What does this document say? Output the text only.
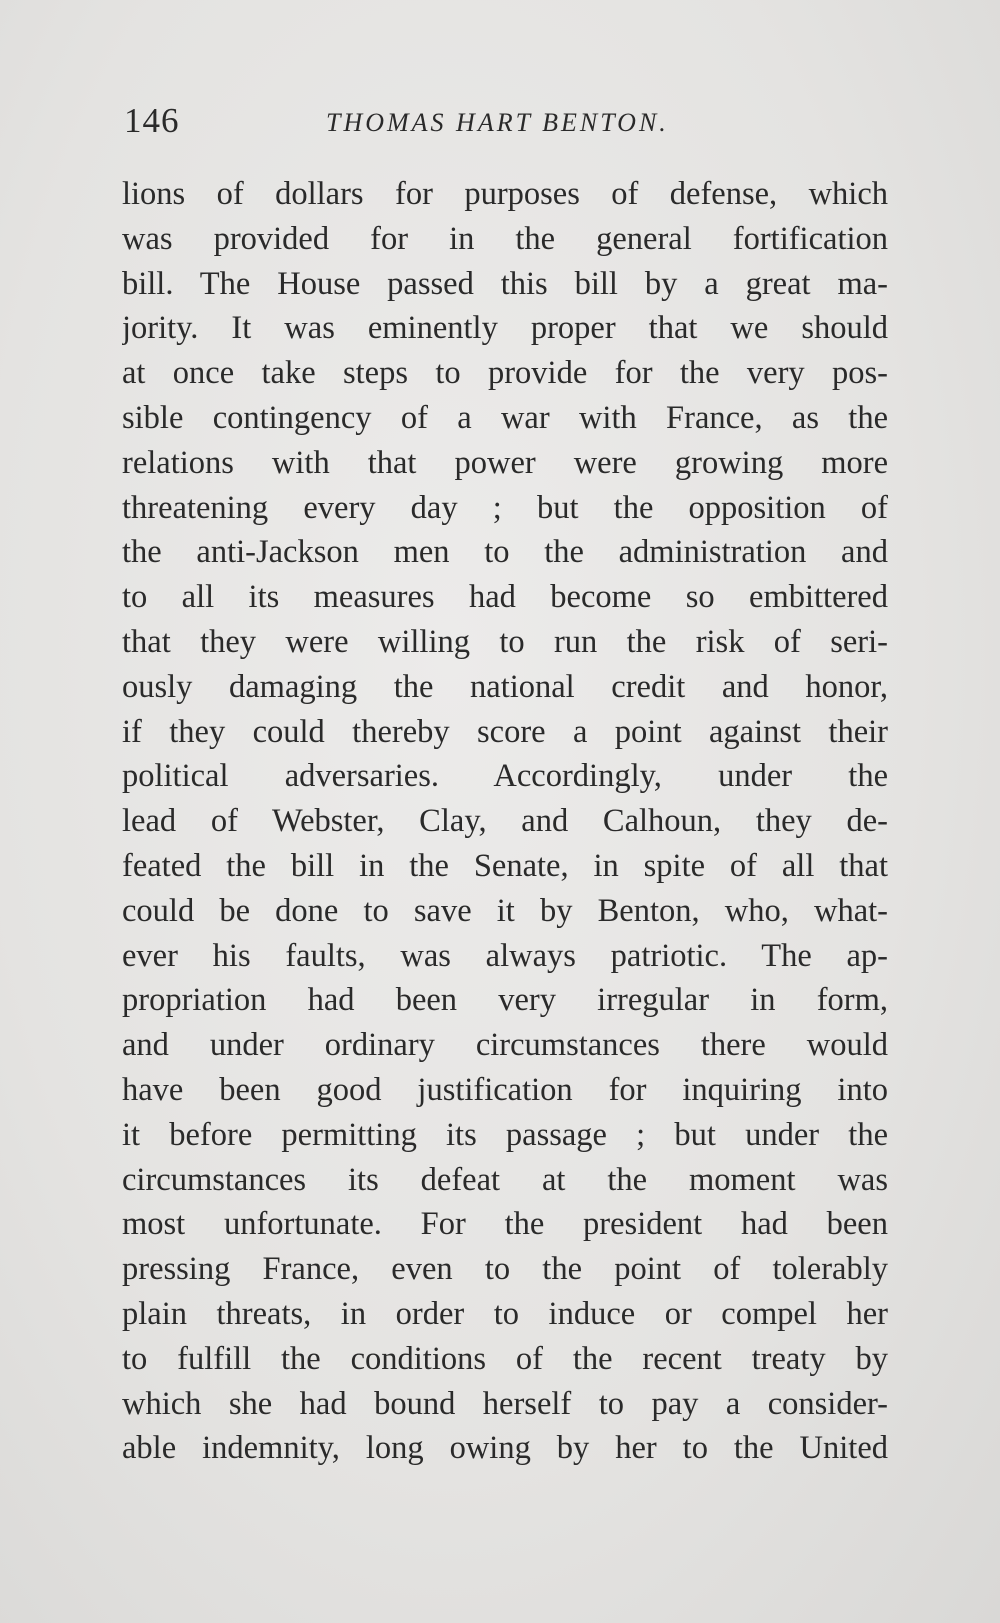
146	THOMAS HART BENTON.
lions of dollars for purposes of defense, which
was provided for in the general fortification
bill. The House passed this bill by a great ma-
jority. It was eminently proper that we should
at once take steps to provide for the very pos-
sible contingency of a war with France, as the
relations with that power were growing more
threatening every day ; but the opposition of
the anti-Jackson men to the administration and
to all its measures had become so embittered
that they were willing to run the risk of seri-
ously damaging the national credit and honor,
if they could thereby score a point against their
political adversaries. Accordingly, under the
lead of Webster, Clay, and Calhoun, they de-
feated the bill in the Senate, in spite of all that
could be done to save it by Benton, who, what-
ever his faults, was always patriotic. The ap-
propriation had been very irregular in form,
and under ordinary circumstances there would
have been good justification for inquiring into
it before permitting its passage ; but under the
circumstances its defeat at the moment was
most unfortunate. For the president had been
pressing France, even to the point of tolerably
plain threats, in order to induce or compel her
to fulfill the conditions of the recent treaty by
which she had bound herself to pay a consider-
able indemnity, long owing by her to the United
